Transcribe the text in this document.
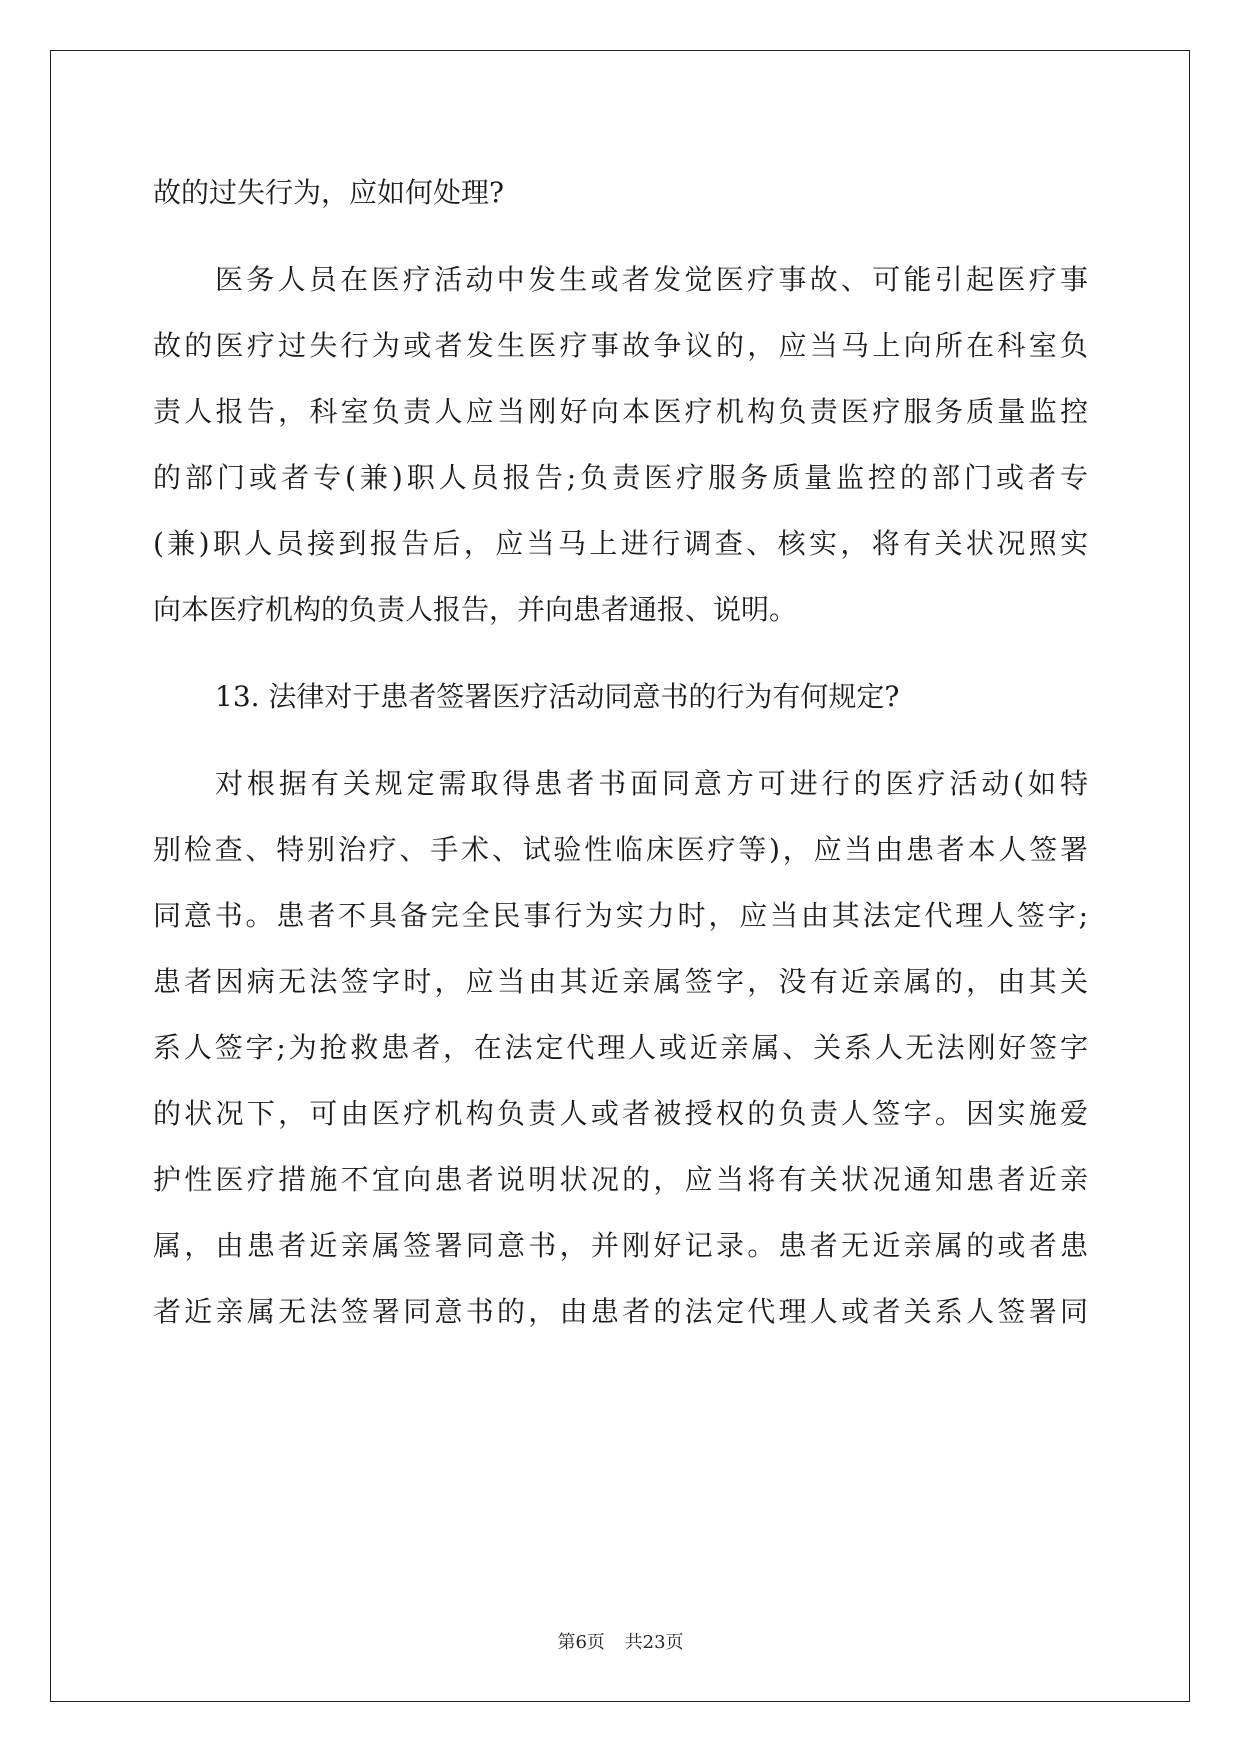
故的过失行为，应如何处理?
医务人员在医疗活动中发生或者发觉医疗事故、可能引起医疗事
故的医疗过失行为或者发生医疗事故争议的，应当马上向所在科室负
责人报告，科室负责人应当刚好向本医疗机构负责医疗服务质量监控
的部门或者专(兼)职人员报告;负责医疗服务质量监控的部门或者专
(兼)职人员接到报告后，应当马上进行调查、核实，将有关状况照实
向本医疗机构的负责人报告，并向患者通报、说明。
13. 法律对于患者签署医疗活动同意书的行为有何规定?
对根据有关规定需取得患者书面同意方可进行的医疗活动(如特
别检查、特别治疗、手术、试验性临床医疗等)，应当由患者本人签署
同意书。患者不具备完全民事行为实力时，应当由其法定代理人签字;
患者因病无法签字时，应当由其近亲属签字，没有近亲属的，由其关
系人签字;为抢救患者，在法定代理人或近亲属、关系人无法刚好签字
的状况下，可由医疗机构负责人或者被授权的负责人签字。因实施爱
护性医疗措施不宜向患者说明状况的，应当将有关状况通知患者近亲
属，由患者近亲属签署同意书，并刚好记录。患者无近亲属的或者患
者近亲属无法签署同意书的，由患者的法定代理人或者关系人签署同
第6页 共23页
